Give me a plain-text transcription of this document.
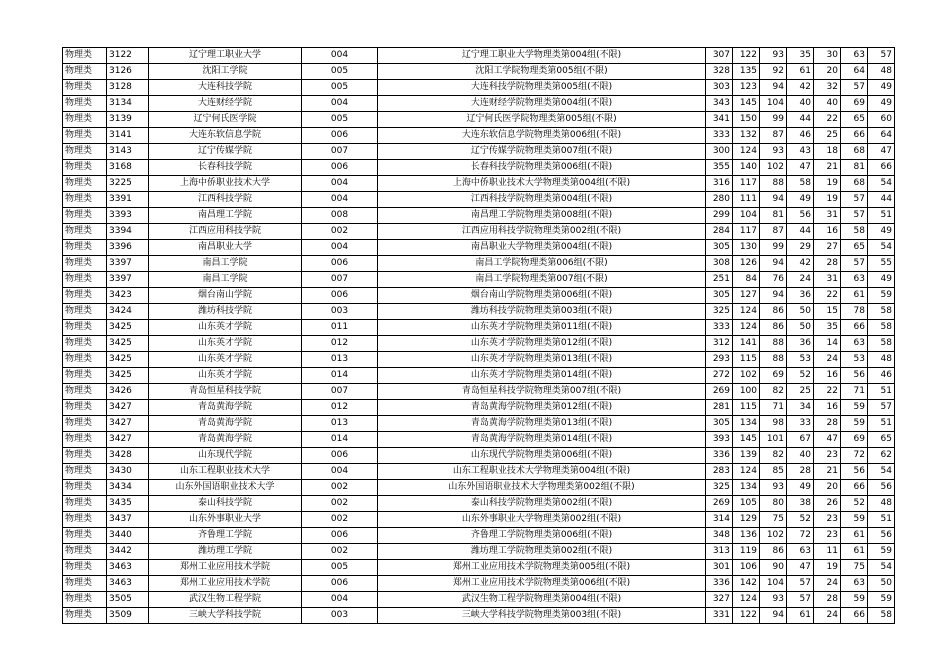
物理类	3122	辽宁理工职业大学	004	辽宁理工职业大学物理类第004组(不限)	307	122	93	35	30	63	57
物理类	3126	沈阳工学院	005	沈阳工学院物理类第005组(不限)	328	135	92	61	20	64	48
物理类	3128	大连科技学院	005	大连科技学院物理类第005组(不限)	303	123	94	42	32	57	49
物理类	3134	大连财经学院	004	大连财经学院物理类第004组(不限)	343	145	104	40	40	69	49
物理类	3139	辽宁何氏医学院	005	辽宁何氏医学院物理类第005组(不限)	341	150	99	44	22	65	60
物理类	3141	大连东软信息学院	006	大连东软信息学院物理类第006组(不限)	333	132	87	46	25	66	64
物理类	3143	辽宁传媒学院	007	辽宁传媒学院物理类第007组(不限)	300	124	93	43	18	68	47
物理类	3168	长春科技学院	006	长春科技学院物理类第006组(不限)	355	140	102	47	21	81	66
物理类	3225	上海中侨职业技术大学	004	上海中侨职业技术大学物理类第004组(不限)	316	117	88	58	19	68	54
物理类	3391	江西科技学院	004	江西科技学院物理类第004组(不限)	280	111	94	49	19	57	44
物理类	3393	南昌理工学院	008	南昌理工学院物理类第008组(不限)	299	104	81	56	31	57	51
物理类	3394	江西应用科技学院	002	江西应用科技学院物理类第002组(不限)	284	117	87	44	16	58	49
物理类	3396	南昌职业大学	004	南昌职业大学物理类第004组(不限)	305	130	99	29	27	65	54
物理类	3397	南昌工学院	006	南昌工学院物理类第006组(不限)	308	126	94	42	28	57	55
物理类	3397	南昌工学院	007	南昌工学院物理类第007组(不限)	251	84	76	24	31	63	49
物理类	3423	烟台南山学院	006	烟台南山学院物理类第006组(不限)	305	127	94	36	22	61	59
物理类	3424	潍坊科技学院	003	潍坊科技学院物理类第003组(不限)	325	124	86	50	15	78	58
物理类	3425	山东英才学院	011	山东英才学院物理类第011组(不限)	333	124	86	50	35	66	58
物理类	3425	山东英才学院	012	山东英才学院物理类第012组(不限)	312	141	88	36	14	63	58
物理类	3425	山东英才学院	013	山东英才学院物理类第013组(不限)	293	115	88	53	24	53	48
物理类	3425	山东英才学院	014	山东英才学院物理类第014组(不限)	272	102	69	52	16	56	46
物理类	3426	青岛恒星科技学院	007	青岛恒星科技学院物理类第007组(不限)	269	100	82	25	22	71	51
物理类	3427	青岛黄海学院	012	青岛黄海学院物理类第012组(不限)	281	115	71	34	16	59	57
物理类	3427	青岛黄海学院	013	青岛黄海学院物理类第013组(不限)	305	134	98	33	28	59	51
物理类	3427	青岛黄海学院	014	青岛黄海学院物理类第014组(不限)	393	145	101	67	47	69	65
物理类	3428	山东现代学院	006	山东现代学院物理类第006组(不限)	336	139	82	40	23	72	62
物理类	3430	山东工程职业技术大学	004	山东工程职业技术大学物理类第004组(不限)	283	124	85	28	21	56	54
物理类	3434	山东外国语职业技术大学	002	山东外国语职业技术大学物理类第002组(不限)	325	134	93	49	20	66	56
物理类	3435	泰山科技学院	002	泰山科技学院物理类第002组(不限)	269	105	80	38	26	52	48
物理类	3437	山东外事职业大学	002	山东外事职业大学物理类第002组(不限)	314	129	75	52	23	59	51
物理类	3440	齐鲁理工学院	006	齐鲁理工学院物理类第006组(不限)	348	136	102	72	23	61	56
物理类	3442	潍坊理工学院	002	潍坊理工学院物理类第002组(不限)	313	119	86	63	11	61	59
物理类	3463	郑州工业应用技术学院	005	郑州工业应用技术学院物理类第005组(不限)	301	106	90	47	19	75	54
物理类	3463	郑州工业应用技术学院	006	郑州工业应用技术学院物理类第006组(不限)	336	142	104	57	24	63	50
物理类	3505	武汉生物工程学院	004	武汉生物工程学院物理类第004组(不限)	327	124	93	57	28	59	59
物理类	3509	三峡大学科技学院	003	三峡大学科技学院物理类第003组(不限)	331	122	94	61	24	66	58
